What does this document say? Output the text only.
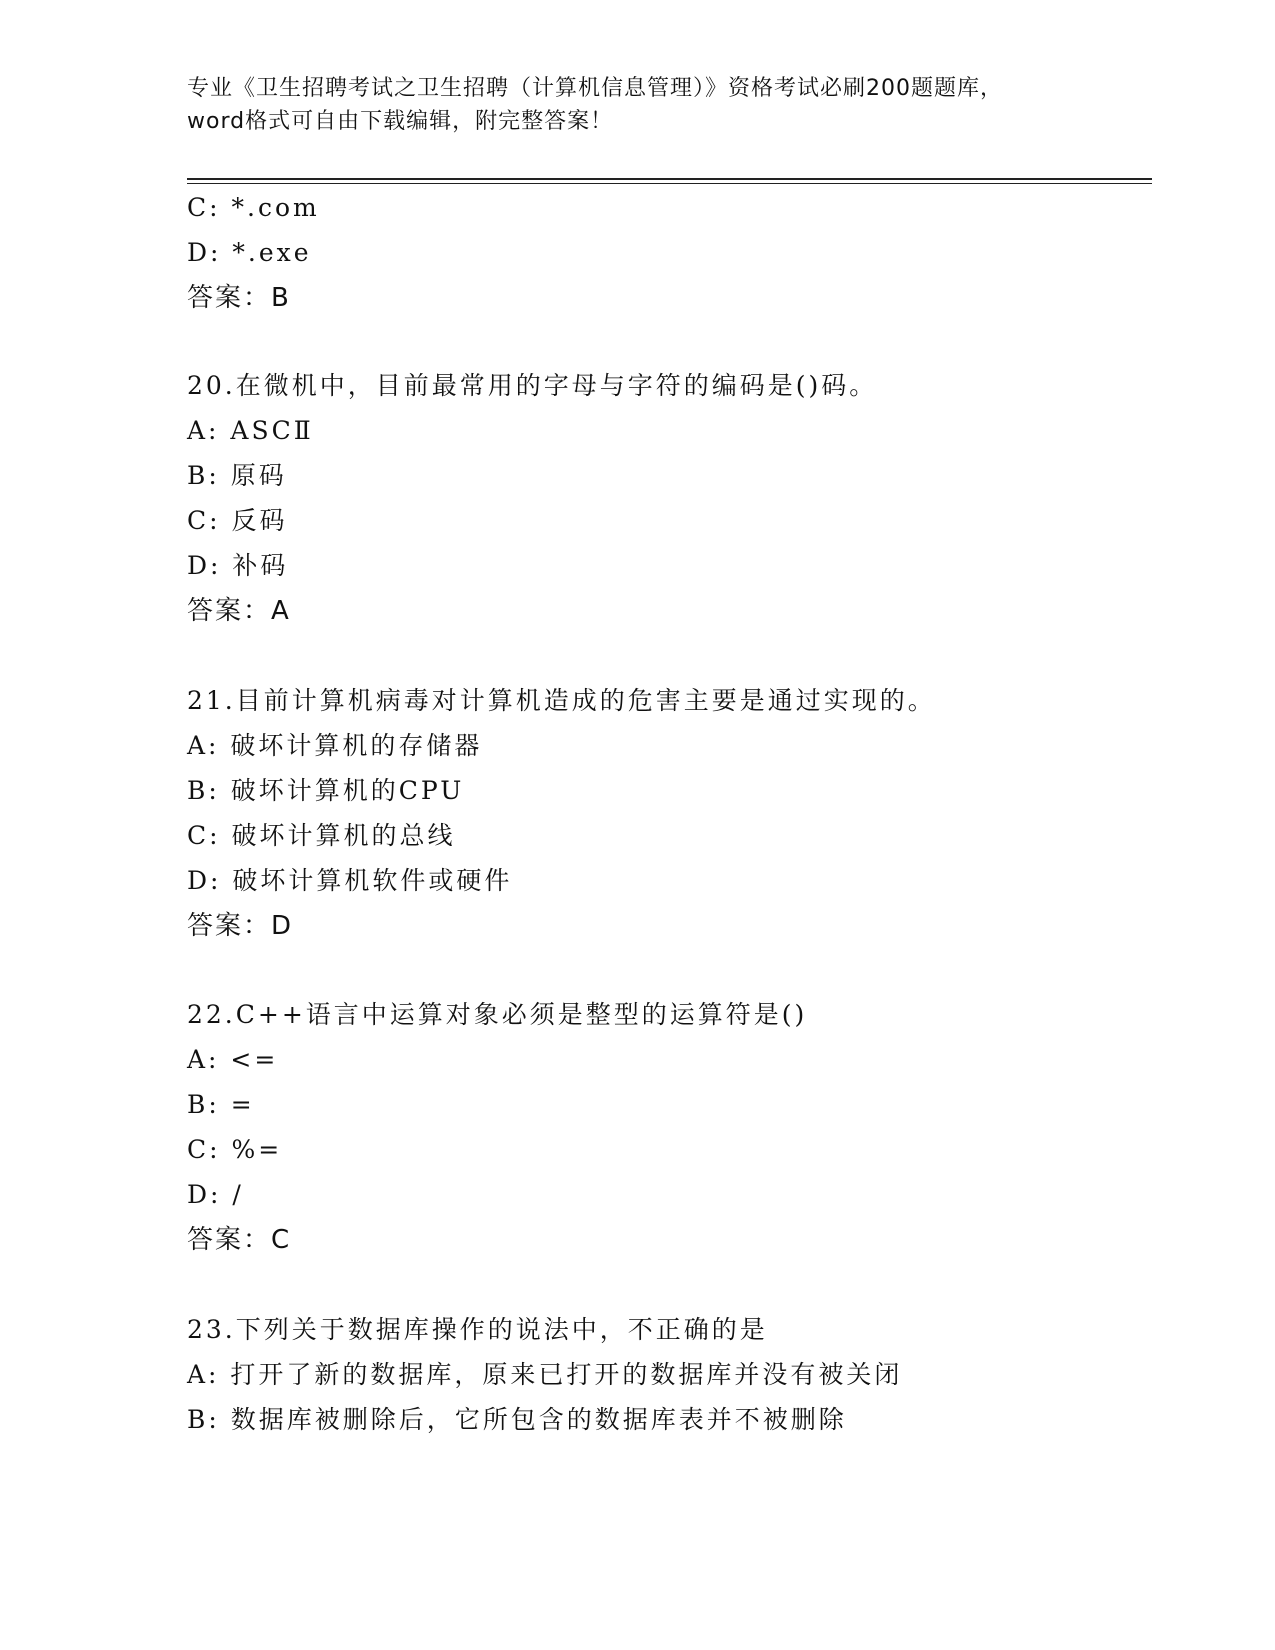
专业《卫生招聘考试之卫生招聘（计算机信息管理）》资格考试必刷200题题库，
word格式可自由下载编辑，附完整答案！
C: *.com
D: *.exe
答案：B
20.在微机中，目前最常用的字母与字符的编码是()码。
A: ASCⅡ
B: 原码
C: 反码
D: 补码
答案：A
21.目前计算机病毒对计算机造成的危害主要是通过实现的。
A: 破坏计算机的存储器
B: 破坏计算机的CPU
C: 破坏计算机的总线
D: 破坏计算机软件或硬件
答案：D
22.C++语言中运算对象必须是整型的运算符是()
A: <=
B: =
C: %=
D: /
答案：C
23.下列关于数据库操作的说法中，不正确的是
A: 打开了新的数据库，原来已打开的数据库并没有被关闭
B: 数据库被删除后，它所包含的数据库表并不被删除
